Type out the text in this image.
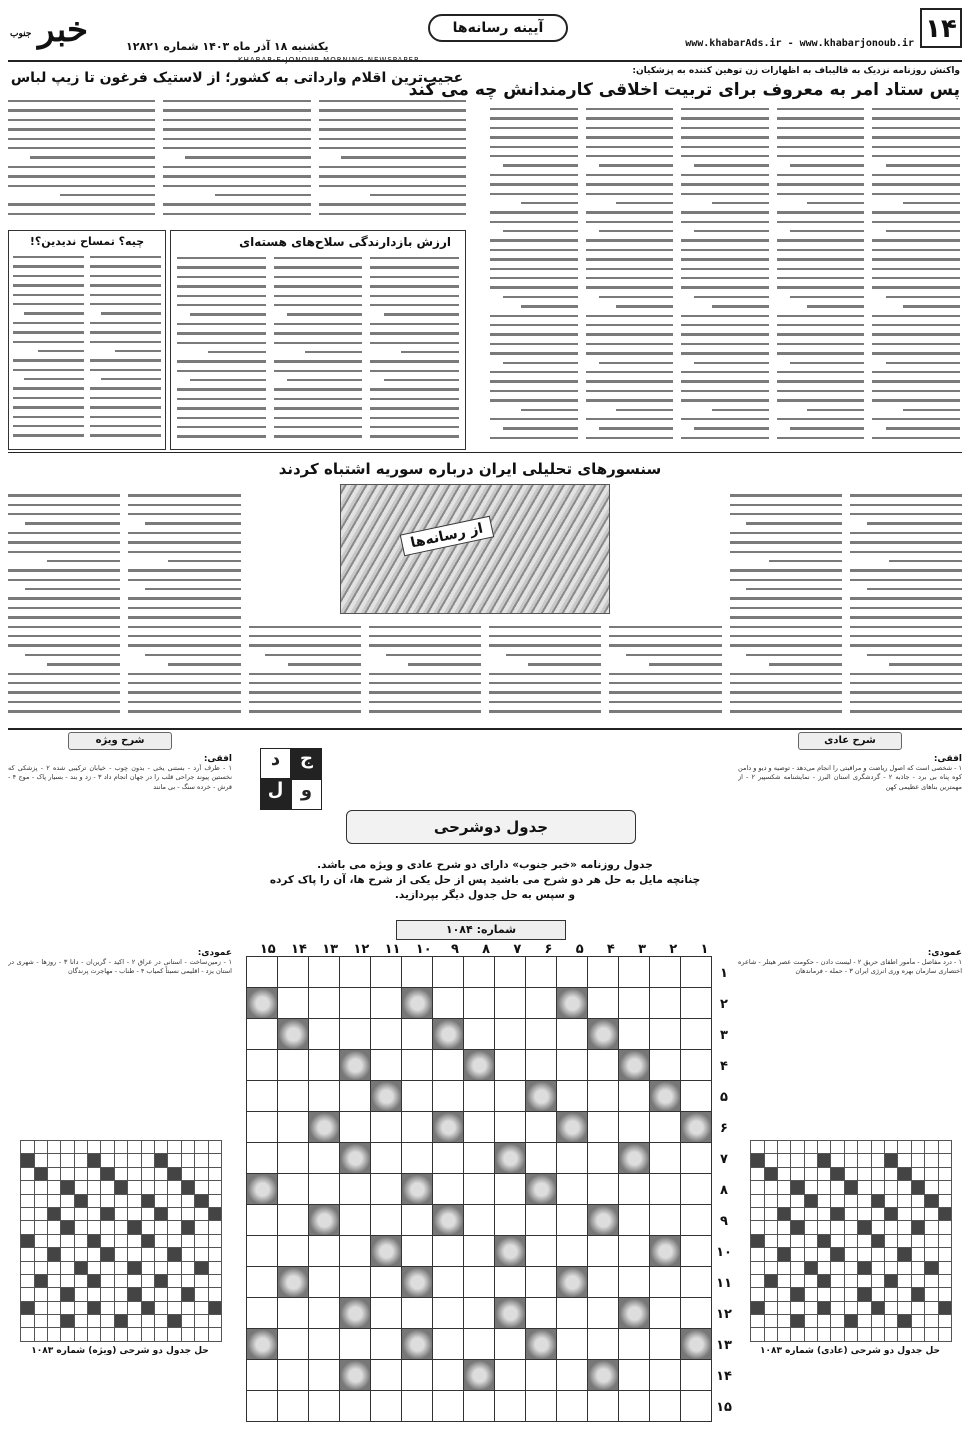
۱۴
www.khabarAds.ir - www.khabarjonoub.ir
آیینه رسانه‌ها
یکشنبه ۱۸ آذر ماه ۱۴۰۳ شماره ۱۲۸۲۱
خبر
جنوب
واکنش روزنامه نزدیک به قالیباف به اظهارات زن توهین کننده به پزشکیان:
پس ستاد امر به معروف برای تربیت اخلاقی کارمندانش چه می کند
عجیب‌ترین اقلام وارداتی به کشور؛ از لاستیک فرغون تا زیپ لباس
ارزش بازدارندگی سلاح‌های هسته‌ای
چیه؟ تمساح ندیدین؟!
سنسورهای تحلیلی ایران درباره سوریه اشتباه کردند
از رسانه‌ها
ج
د
و
ل
جدول دوشرحی
جدول روزنامه «خبر جنوب» دارای دو شرح عادی و ویژه می باشد.
چنانچه مایل به حل هر دو شرح می باشید پس از حل یکی از شرح ها، آن را پاک کرده
و سپس به حل جدول دیگر بپردازید.
شماره: ۱۰۸۴
۱
۲
۳
۴
۵
۶
۷
۸
۹
۱۰
۱۱
۱۲
۱۳
۱۴
۱۵
۱
۲
۳
۴
۵
۶
۷
۸
۹
۱۰
۱۱
۱۲
۱۳
۱۴
۱۵

شرح ویژه
افقی:
۱ - ظرف آرد - بستنی یخی - بدون چوب - خیابان ترکیبی شده ۲ - پزشکی که نخستین پیوند جراحی قلب را در جهان انجام داد ۳ - زد و بند - بسیار پاک - موج ۴ - قرش - خرده سنگ - بی مانند
عمودی:
۱ - زمین‌ساخت - استانی در عراق ۲ - اکید - گرین‌ان - دانا ۳ - روزها - شهری در استان یزد - اقلیمی نسبتاً کمیاب ۴ - طناب - مهاجرت پرندگان

حل جدول دو شرحی (ویژه) شماره ۱۰۸۳
شرح عادی
افقی:
۱ - شخصی است که اصول ریاضت و مراقبتی را انجام می‌دهد - توصیه و دیو و دامن کوه پناه بی برد - جاذبه ۲ - گردشگری استان البرز - نمایشنامه شکسپیر ۲ - از مهمترین بناهای عظیمی کهن
عمودی:
۱ - درد مفاصل - مأمور اطفای حریق ۲ - لیست دادن - حکومت عصر هیتلر - شاعره اختصاری سازمان بهره وری انرژی ایران ۳ - حمله - فرماندهان

حل جدول دو شرحی (عادی) شماره ۱۰۸۳
